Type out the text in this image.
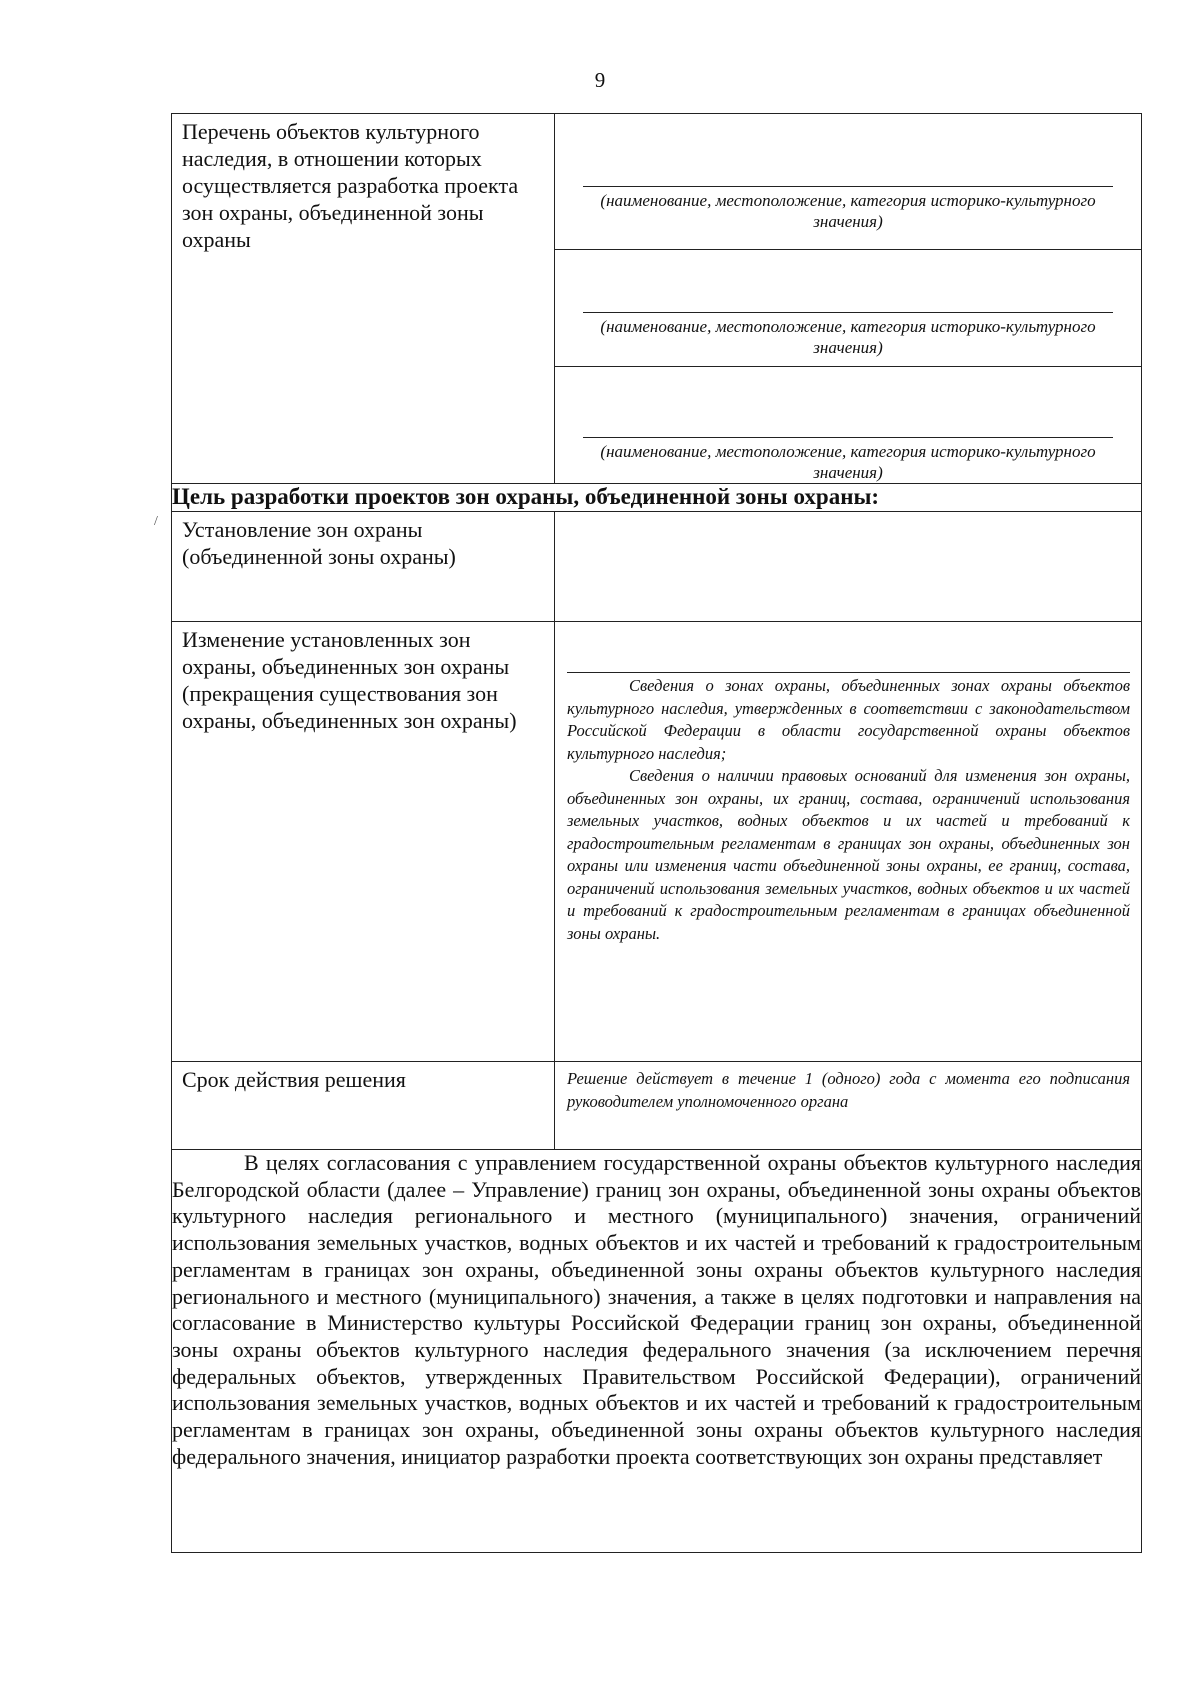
9
/
Перечень объектов культурного наследия, в отношении которых осуществляется разработка проекта зон охраны, объединенной зоны охраны	(наименование, местоположение, категория историко-культурного значения)

	(наименование, местоположение, категория историко-культурного значения)

	(наименование, местоположение, категория историко-культурного значения)

Цель разработки проектов зон охраны, объединенной зоны охраны:	

Установление зон охраны (объединенной зоны охраны)	

Изменение установленных зон охраны, объединенных зон охраны (прекращения существования зон охраны, объединенных зон охраны)	Сведения о зонах охраны, объединенных зонах охраны объектов культурного наследия, утвержденных в соответствии с законодательством Российской Федерации в области государственной охраны объектов культурного наследия;

Сведения о наличии правовых оснований для изменения зон охраны, объединенных зон охраны, их границ, состава, ограничений использования земельных участков, водных объектов и их частей и требований к градостроительным регламентам в границах зон охраны, объединенных зон охраны или изменения части объединенной зоны охраны, ее границ, состава, ограничений использования земельных участков, водных объектов и их частей и требований к градостроительным регламентам в границах объединенной зоны охраны.

Срок действия решения	Решение действует в течение 1 (одного) года с момента его подписания руководителем уполномоченного органа

В целях согласования с управлением государственной охраны объектов культурного наследия Белгородской области (далее – Управление) границ зон охраны, объединенной зоны охраны объектов культурного наследия регионального и местного (муниципального) значения, ограничений использования земельных участков, водных объектов и их частей и требований к градостроительным регламентам в границах зон охраны, объединенной зоны охраны объектов культурного наследия регионального и местного (муниципального) значения, а также в целях подготовки и направления на согласование в Министерство культуры Российской Федерации границ зон охраны, объединенной зоны охраны объектов культурного наследия федерального значения (за исключением перечня федеральных объектов, утвержденных Правительством Российской Федерации), ограничений использования земельных участков, водных объектов и их частей и требований к градостроительным регламентам в границах зон охраны, объединенной зоны охраны объектов культурного наследия федерального значения, инициатор разработки проекта соответствующих зон охраны представляет	
